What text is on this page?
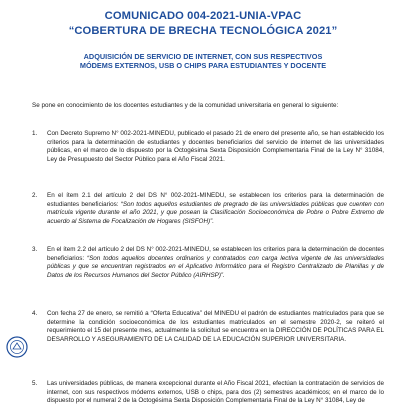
COMUNICADO 004-2021-UNIA-VPAC
“COBERTURA DE BRECHA TECNOLÓGICA 2021”
ADQUISICIÓN DE SERVICIO DE INTERNET, CON SUS RESPECTIVOS
MÓDEMS EXTERNOS, USB O CHIPS PARA ESTUDIANTES Y DOCENTE
Se pone en conocimiento de los docentes estudiantes y de la comunidad universitaria en general lo siguiente:
1.	Con Decreto Supremo N° 002-2021-MINEDU, publicado el pasado 21 de enero del presente año, se han establecido los criterios para la determinación de estudiantes y docentes beneficiarios del servicio de internet de las universidades públicas, en el marco de lo dispuesto por la Octogésima Sexta Disposición Complementaria Final de la Ley N° 31084, Ley de Presupuesto del Sector Público para el Año Fiscal 2021.
2.	En el ítem 2.1 del artículo 2 del DS N° 002-2021-MINEDU, se establecen los criterios para la determinación de estudiantes beneficiarios: “Son todos aquellos estudiantes de pregrado de las universidades públicas que cuenten con matrícula vigente durante el año 2021, y que posean la Clasificación Socioeconómica de Pobre o Pobre Extremo de acuerdo al Sistema de Focalización de Hogares (SISFOH)”.
3.	En el ítem 2.2 del artículo 2 del DS N° 002-2021-MINEDU, se establecen los criterios para la determinación de docentes beneficiarios: “Son todos aquellos docentes ordinarios y contratados con carga lectiva vigente de las universidades públicas y que se encuentran registrados en el Aplicativo Informático para el Registro Centralizado de Planillas y de Datos de los Recursos Humanos del Sector Público (AIRHSP)”.
4.	Con fecha 27 de enero, se remitió a “Oferta Educativa” del MINEDU el padrón de estudiantes matriculados para que se determine la condición socioeconómica de los estudiantes matriculados en el semestre 2020-2, se reiteró el requerimiento el 15 del presente mes, actualmente la solicitud se encuentra en la DIRECCIÓN DE POLÍTICAS PARA EL DESARROLLO Y ASEGURAMIENTO DE LA CALIDAD DE LA EDUCACIÓN SUPERIOR UNIVERSITARIA.
5.	Las universidades públicas, de manera excepcional durante el Año Fiscal 2021, efectúan la contratación de servicios de internet, con sus respectivos módems externos, USB o chips, para dos (2) semestres académicos; en el marco de lo dispuesto por el numeral 2 de la Octogésima Sexta Disposición Complementaria Final de la Ley N° 31084, Ley de
